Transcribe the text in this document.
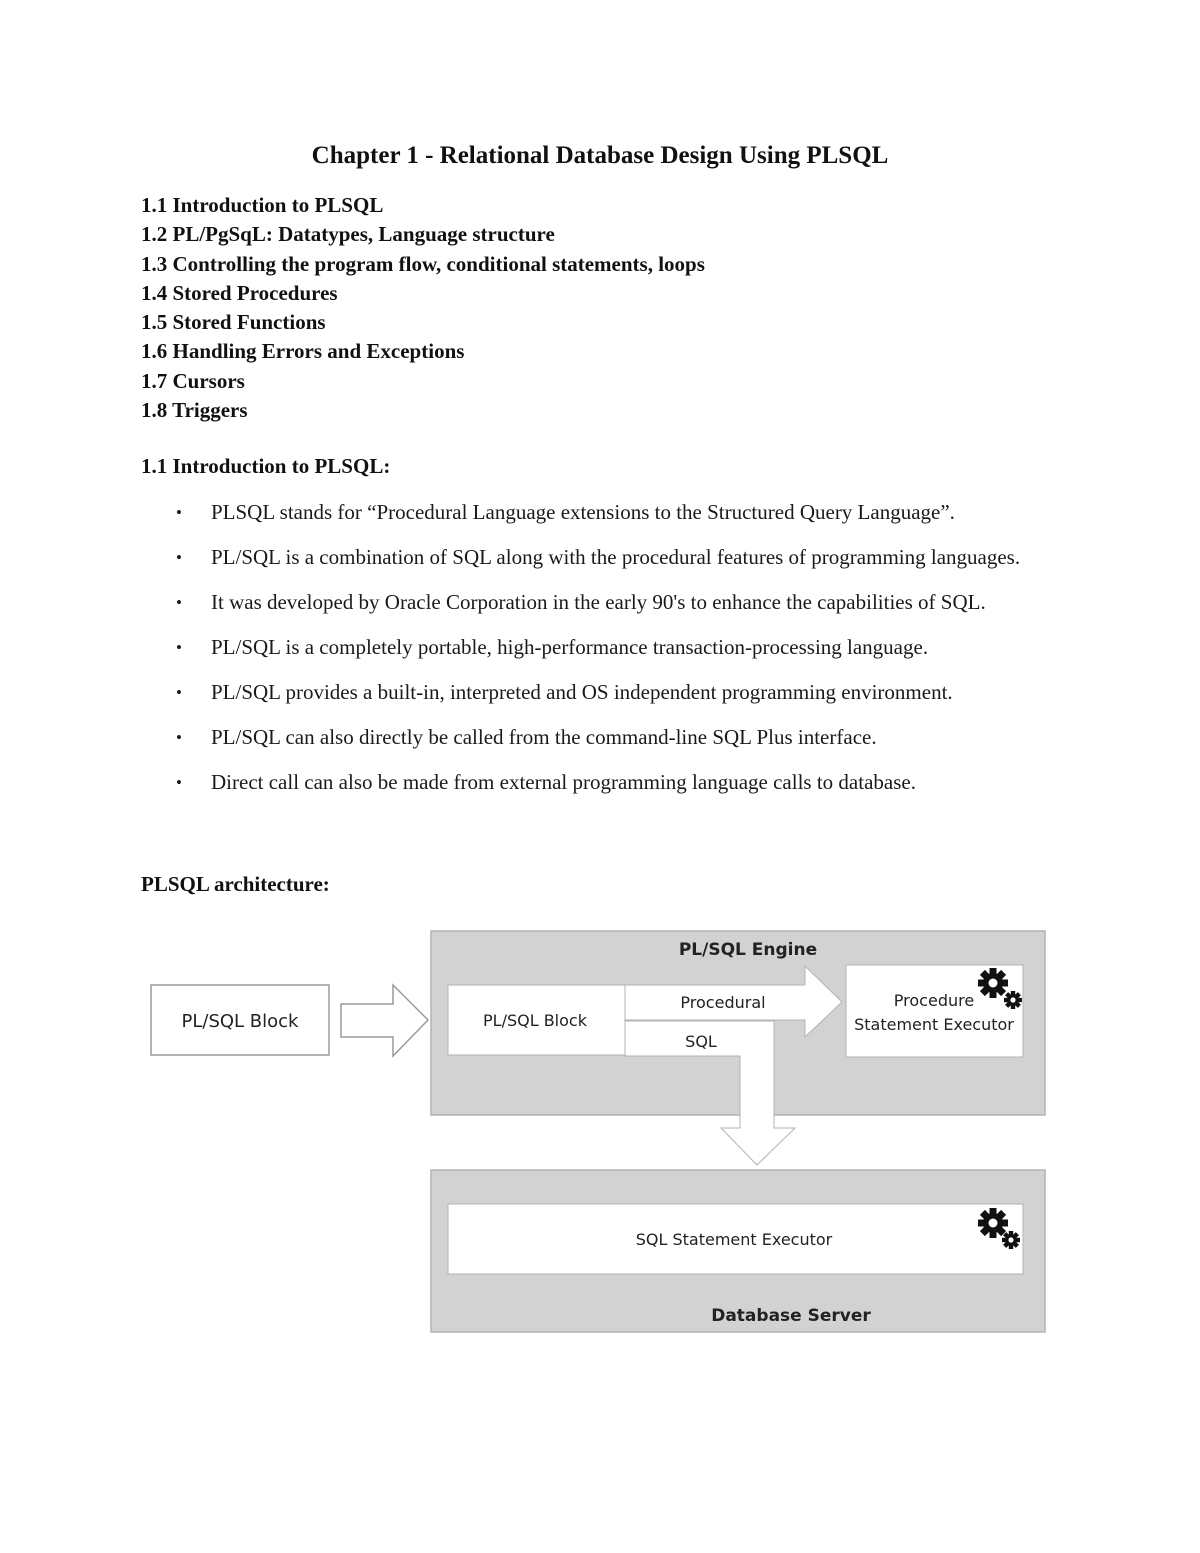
Chapter 1 - Relational Database Design Using PLSQL
1.1 Introduction to PLSQL
1.2 PL/PgSqL: Datatypes, Language structure
1.3 Controlling the program flow, conditional statements, loops
1.4 Stored Procedures
1.5 Stored Functions
1.6 Handling Errors and Exceptions
1.7 Cursors
1.8 Triggers
1.1 Introduction to PLSQL:
• PLSQL stands for “Procedural Language extensions to the Structured Query Language”.
• PL/SQL is a combination of SQL along with the procedural features of programming languages.
• It was developed by Oracle Corporation in the early 90's to enhance the capabilities of SQL.
• PL/SQL is a completely portable, high-performance transaction-processing language.
• PL/SQL provides a built-in, interpreted and OS independent programming environment.
• PL/SQL can also directly be called from the command-line SQL Plus interface.
• Direct call can also be made from external programming language calls to database.
PLSQL architecture:
PL/SQL Block
PL/SQL Engine
PL/SQL Block
Procedural
SQL
Procedure
Statement Executor
SQL Statement Executor
Database Server
